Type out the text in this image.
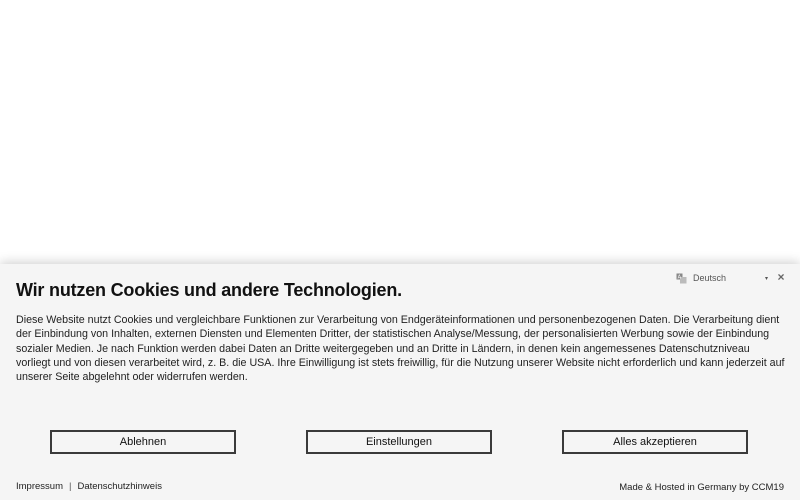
A Deutsch	▾ ×
Wir nutzen Cookies und andere Technologien.

Diese Website nutzt Cookies und vergleichbare Funktionen zur Verarbeitung von Endgeräteinformationen und personenbezogenen Daten. Die Verarbeitung dient der Einbindung von Inhalten, externen Diensten und Elementen Dritter, der statistischen Analyse/Messung, der personalisierten Werbung sowie der Einbindung sozialer Medien. Je nach Funktion werden dabei Daten an Dritte weitergegeben und an Dritte in Ländern, in denen kein angemessenes Datenschutzniveau vorliegt und von diesen verarbeitet wird, z. B. die USA. Ihre Einwilligung ist stets freiwillig, für die Nutzung unserer Website nicht erforderlich und kann jederzeit auf unserer Seite abgelehnt oder widerrufen werden.

Ablehnen	Einstellungen	Alles akzeptieren
Impressum | Datenschutzhinweis	Made & Hosted in Germany by CCM19
